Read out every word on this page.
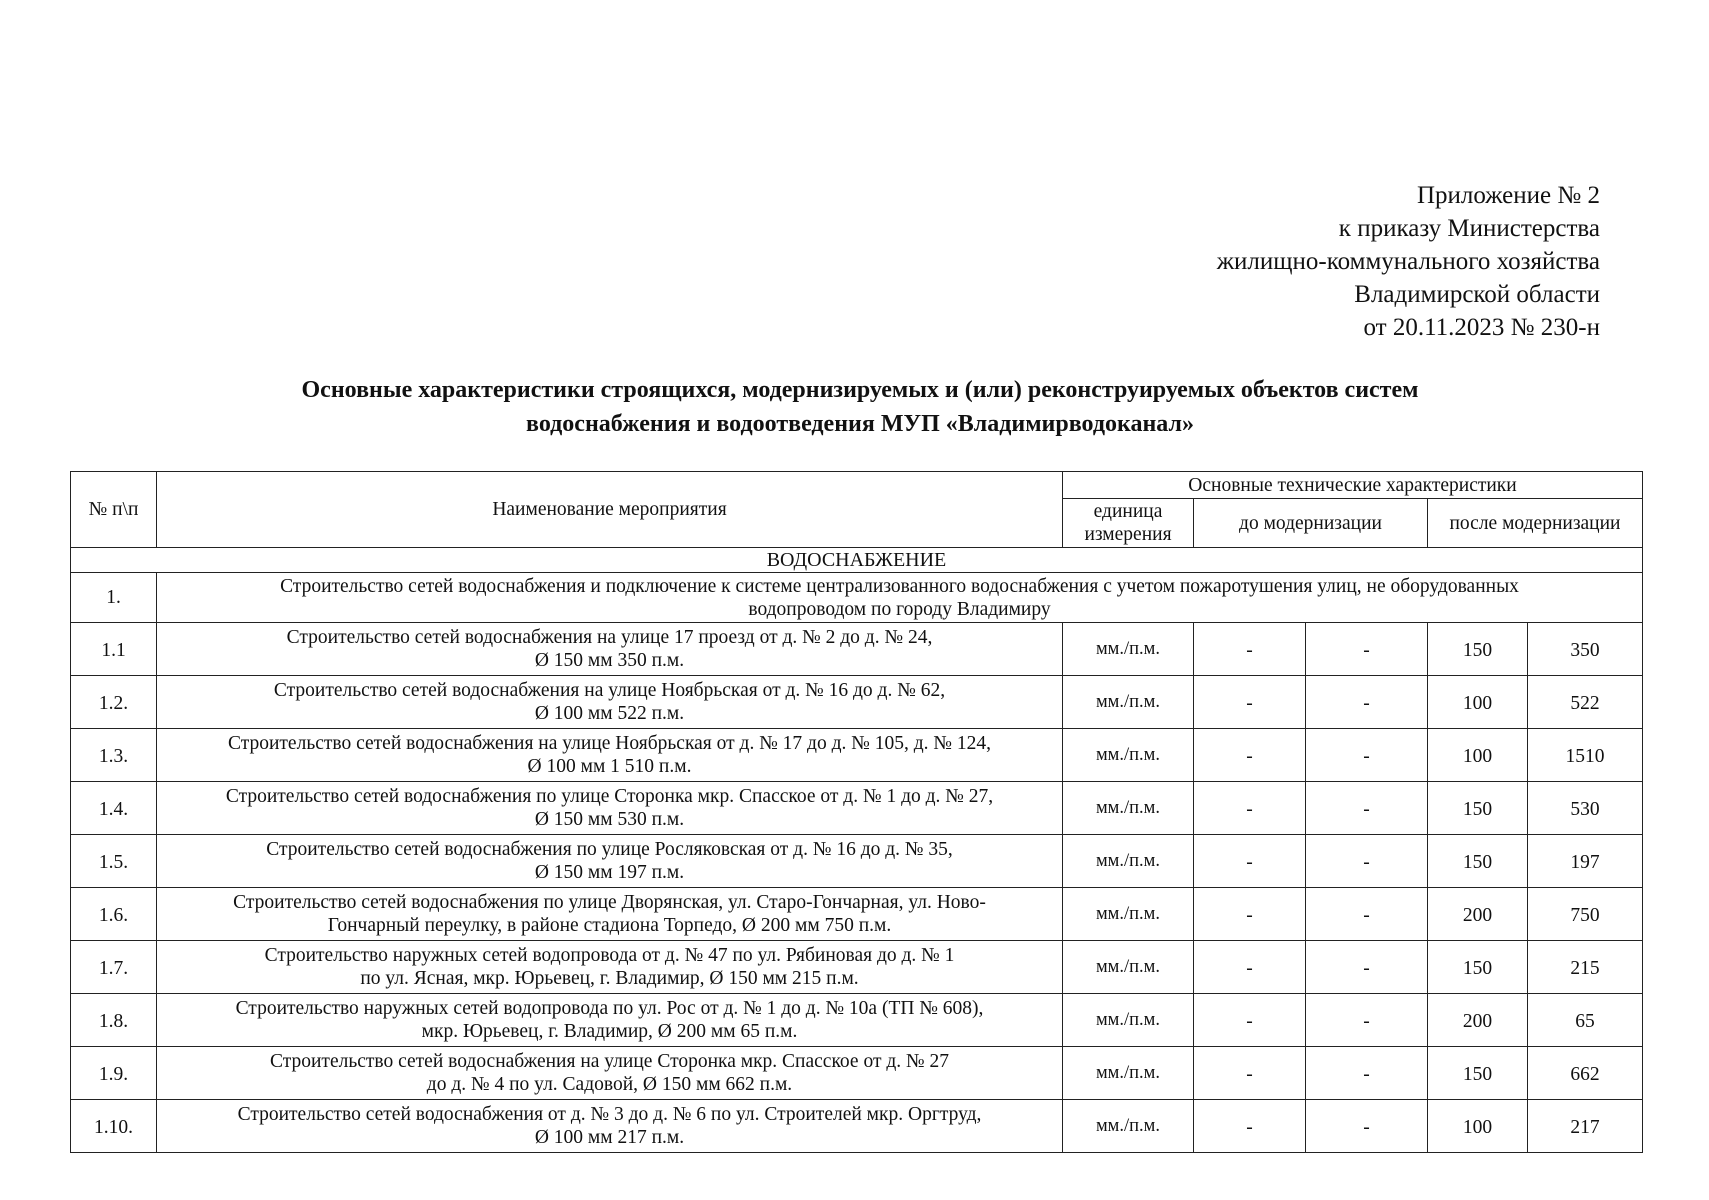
Приложение № 2
к приказу Министерства
жилищно-коммунального хозяйства
Владимирской области
от 20.11.2023 № 230-н
Основные характеристики строящихся, модернизируемых и (или) реконструируемых объектов систем
водоснабжения и водоотведения МУП «Владимирводоканал»
№ п\п	Наименование мероприятия	Основные технические характеристики				
		единица измерения	до модернизации		после модернизации	
ВОДОСНАБЖЕНИЕ						
1.	Строительство сетей водоснабжения и подключение к системе централизованного водоснабжения с учетом пожаротушения улиц, не оборудованных
водопроводом по городу Владимиру					

1.1	Строительство сетей водоснабжения на улице 17 проезд от д. № 2 до д. № 24,
Ø 150 мм 350 п.м.	мм./п.м.	-	-	150	350
1.2.	Строительство сетей водоснабжения на улице Ноябрьская от д. № 16 до д. № 62,
Ø 100 мм 522 п.м.	мм./п.м.	-	-	100	522
1.3.	Строительство сетей водоснабжения на улице Ноябрьская от д. № 17 до д. № 105, д. № 124,
Ø 100 мм 1 510 п.м.	мм./п.м.	-	-	100	1510
1.4.	Строительство сетей водоснабжения по улице Сторонка мкр. Спасское от д. № 1 до д. № 27,
Ø 150 мм 530 п.м.	мм./п.м.	-	-	150	530
1.5.	Строительство сетей водоснабжения по улице Росляковская от д. № 16 до д. № 35,
Ø 150 мм 197 п.м.	мм./п.м.	-	-	150	197
1.6.	Строительство сетей водоснабжения по улице Дворянская, ул. Старо-Гончарная, ул. Ново-
Гончарный переулку, в районе стадиона Торпедо, Ø 200 мм 750 п.м.	мм./п.м.	-	-	200	750
1.7.	Строительство наружных сетей водопровода от д. № 47 по ул. Рябиновая до д. № 1
по ул. Ясная, мкр. Юрьевец, г. Владимир, Ø 150 мм 215 п.м.	мм./п.м.	-	-	150	215
1.8.	Строительство наружных сетей водопровода по ул. Рос от д. № 1 до д. № 10а (ТП № 608),
мкр. Юрьевец, г. Владимир, Ø 200 мм 65 п.м.	мм./п.м.	-	-	200	65
1.9.	Строительство сетей водоснабжения на улице Сторонка мкр. Спасское от д. № 27
до д. № 4 по ул. Садовой, Ø 150 мм 662 п.м.	мм./п.м.	-	-	150	662
1.10.	Строительство сетей водоснабжения от д. № 3 до д. № 6 по ул. Строителей мкр. Оргтруд,
Ø 100 мм 217 п.м.	мм./п.м.	-	-	100	217
